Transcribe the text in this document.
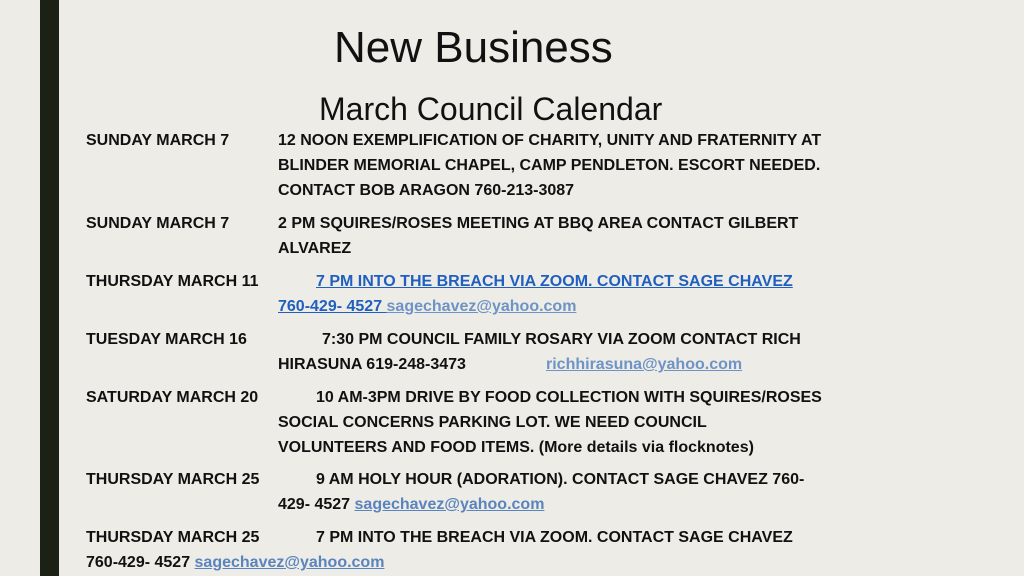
New Business
March Council Calendar
SUNDAY MARCH 7	12 NOON EXEMPLIFICATION OF CHARITY, UNITY AND FRATERNITY AT
BLINDER MEMORIAL CHAPEL, CAMP PENDLETON. ESCORT NEEDED.
CONTACT BOB ARAGON 760-213-3087
SUNDAY MARCH 7	2 PM SQUIRES/ROSES MEETING AT BBQ AREA CONTACT GILBERT
ALVAREZ
THURSDAY MARCH 11	7 PM INTO THE BREACH VIA ZOOM. CONTACT SAGE CHAVEZ
760-429- 4527 sagechavez@yahoo.com
TUESDAY MARCH 16	7:30 PM COUNCIL FAMILY ROSARY VIA ZOOM CONTACT RICH
HIRASUNA 619-248-3473	richhirasuna@yahoo.com
SATURDAY MARCH 20	10 AM-3PM DRIVE BY FOOD COLLECTION WITH SQUIRES/ROSES
SOCIAL CONCERNS PARKING LOT. WE NEED COUNCIL
VOLUNTEERS AND FOOD ITEMS. (More details via flocknotes)
THURSDAY MARCH 25	9 AM HOLY HOUR (ADORATION). CONTACT SAGE CHAVEZ 760-
429- 4527 sagechavez@yahoo.com
THURSDAY MARCH 25	7 PM INTO THE BREACH VIA ZOOM. CONTACT SAGE CHAVEZ
760-429- 4527 sagechavez@yahoo.com
